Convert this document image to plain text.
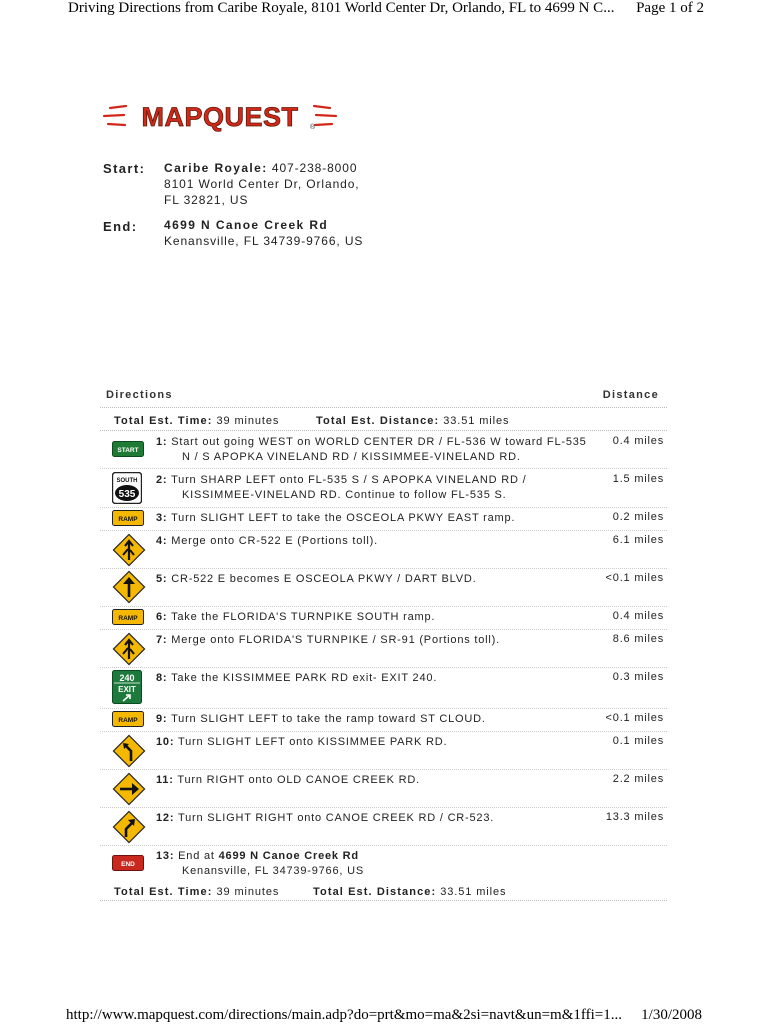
Driving Directions from Caribe Royale, 8101 World Center Dr, Orlando, FL to 4699 N C... Page 1 of 2
MAPQUEST ®
Start: Caribe Royale: 407-238-8000
8101 World Center Dr, Orlando,
FL 32821, US
End: 4699 N Canoe Creek Rd
Kenansville, FL 34739-9766, US
Directions	Distance
Total Est. Time: 39 minutes	Total Est. Distance: 33.51 miles
START
1: Start out going WEST on WORLD CENTER DR / FL-536 W toward FL-535
N / S APOPKA VINELAND RD / KISSIMMEE-VINELAND RD.
0.4 miles
SOUTH
535
2: Turn SHARP LEFT onto FL-535 S / S APOPKA VINELAND RD /
KISSIMMEE-VINELAND RD. Continue to follow FL-535 S.
1.5 miles
RAMP 3: Turn SLIGHT LEFT to take the OSCEOLA PKWY EAST ramp.	0.2 miles
4: Merge onto CR-522 E (Portions toll).	6.1 miles
5: CR-522 E becomes E OSCEOLA PKWY / DART BLVD.	<0.1 miles
RAMP 6: Take the FLORIDA'S TURNPIKE SOUTH ramp.	0.4 miles
7: Merge onto FLORIDA'S TURNPIKE / SR-91 (Portions toll).	8.6 miles
240
EXIT
8: Take the KISSIMMEE PARK RD exit- EXIT 240.	0.3 miles
RAMP 9: Turn SLIGHT LEFT to take the ramp toward ST CLOUD.	<0.1 miles
10: Turn SLIGHT LEFT onto KISSIMMEE PARK RD.	0.1 miles
11: Turn RIGHT onto OLD CANOE CREEK RD.	2.2 miles
12: Turn SLIGHT RIGHT onto CANOE CREEK RD / CR-523.	13.3 miles
END
13: End at 4699 N Canoe Creek Rd
Kenansville, FL 34739-9766, US
Total Est. Time: 39 minutes	Total Est. Distance: 33.51 miles
http://www.mapquest.com/directions/main.adp?do=prt&mo=ma&2si=navt&un=m&1ffi=1... 1/30/2008
